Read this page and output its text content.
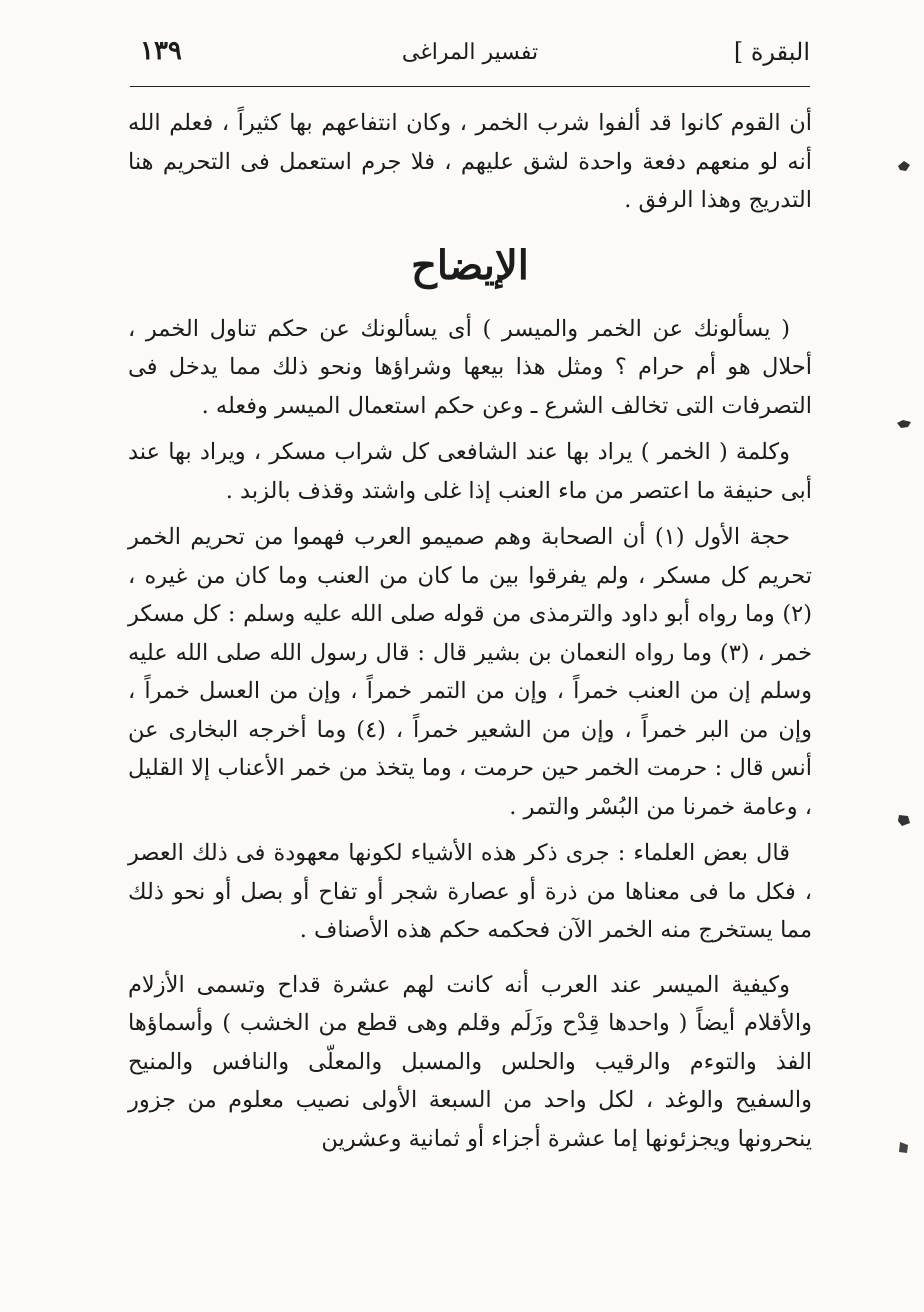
١٣٩	تفسير المراغى	البقرة ]

أن القوم كانوا قد ألفوا شرب الخمر ، وكان انتفاعهم بها كثيراً ، فعلم الله أنه لو منعهم دفعة واحدة لشق عليهم ، فلا جرم استعمل فى التحريم هنا التدريج وهذا الرفق .

الإيضاح

( يسألونك عن الخمر والميسر ) أى يسألونك عن حكم تناول الخمر ، أحلال هو أم حرام ؟ ومثل هذا بيعها وشراؤها ونحو ذلك مما يدخل فى التصرفات التى تخالف الشرع ـ وعن حكم استعمال الميسر وفعله .

وكلمة ( الخمر ) يراد بها عند الشافعى كل شراب مسكر ، ويراد بها عند أبى حنيفة ما اعتصر من ماء العنب إذا غلى واشتد وقذف بالزبد .

حجة الأول (١) أن الصحابة وهم صميمو العرب فهموا من تحريم الخمر تحريم كل مسكر ، ولم يفرقوا بين ما كان من العنب وما كان من غيره ، (٢) وما رواه أبو داود والترمذى من قوله صلى الله عليه وسلم : كل مسكر خمر ، (٣) وما رواه النعمان بن بشير قال : قال رسول الله صلى الله عليه وسلم إن من العنب خمراً ، وإن من التمر خمراً ، وإن من العسل خمراً ، وإن من البر خمراً ، وإن من الشعير خمراً ، (٤) وما أخرجه البخارى عن أنس قال : حرمت الخمر حين حرمت ، وما يتخذ من خمر الأعناب إلا القليل ، وعامة خمرنا من البُسْر والتمر .

قال بعض العلماء : جرى ذكر هذه الأشياء لكونها معهودة فى ذلك العصر ، فكل ما فى معناها من ذرة أو عصارة شجر أو تفاح أو بصل أو نحو ذلك مما يستخرج منه الخمر الآن فحكمه حكم هذه الأصناف .

وكيفية الميسر عند العرب أنه كانت لهم عشرة قداح وتسمى الأزلام والأقلام أيضاً ( واحدها قِدْح وزَلَم وقلم وهى قطع من الخشب ) وأسماؤها الفذ والتوءم والرقيب والحلس والمسبل والمعلّى والنافس والمنيح والسفيح والوغد ، لكل واحد من السبعة الأولى نصيب معلوم من جزور ينحرونها ويجزئونها إما عشرة أجزاء أو ثمانية وعشرين
